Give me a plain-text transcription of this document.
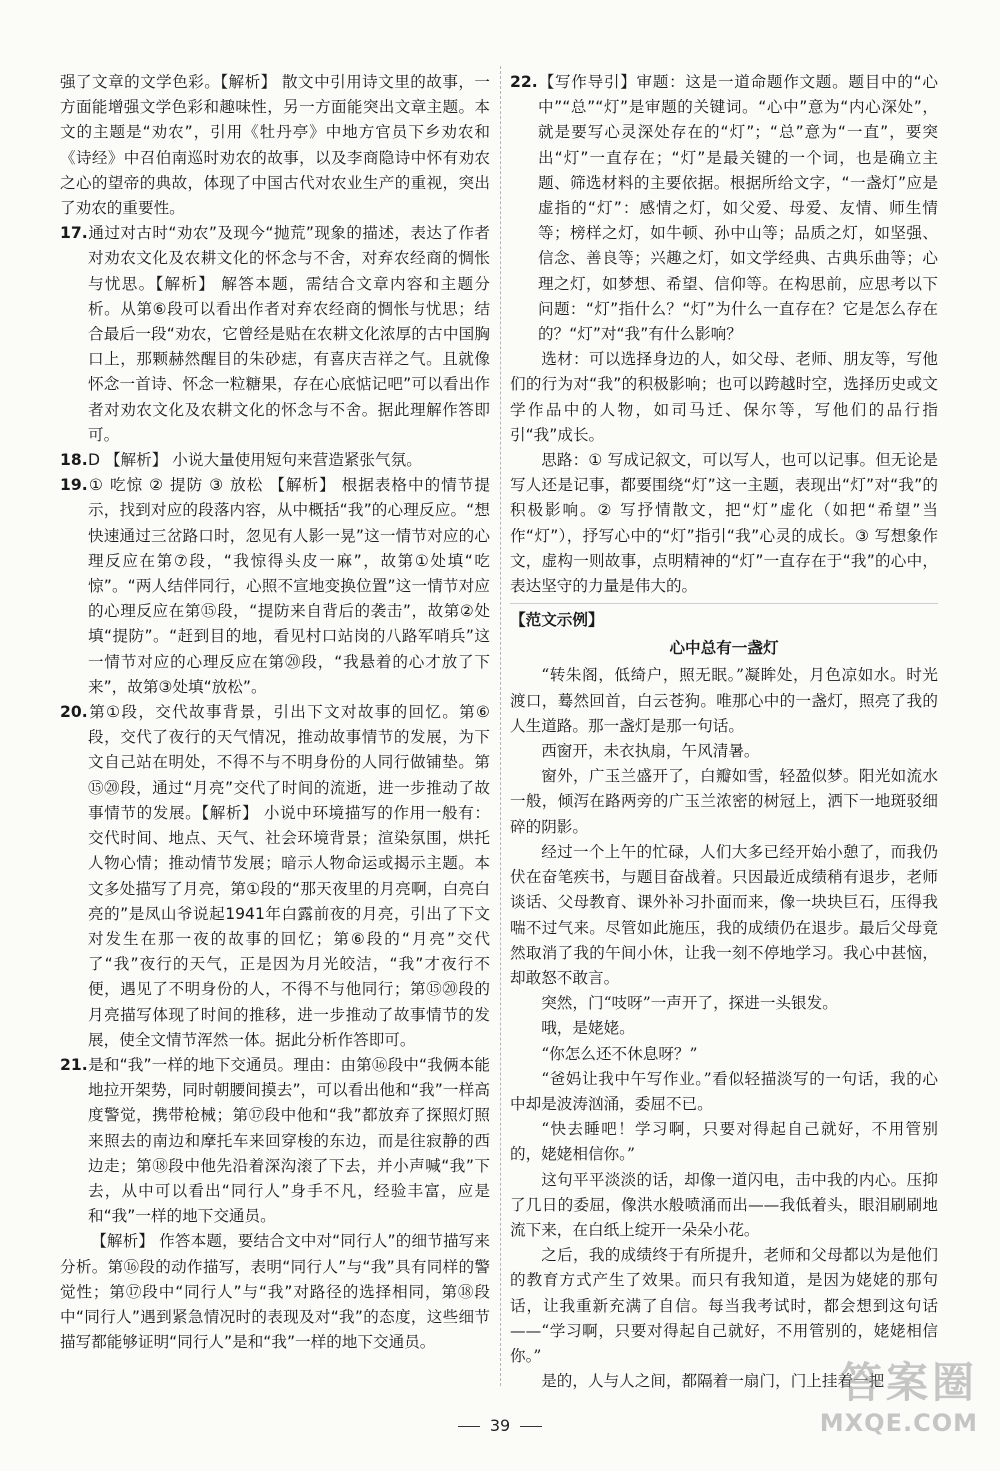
强了文章的文学色彩。【解析】 散文中引用诗文里的故事，一方面能增强文学色彩和趣味性，另一方面能突出文章主题。本文的主题是“劝农”，引用《牡丹亭》中地方官员下乡劝农和《诗经》中召伯南巡时劝农的故事，以及李商隐诗中怀有劝农之心的望帝的典故，体现了中国古代对农业生产的重视，突出了劝农的重要性。

17.通过对古时“劝农”及现今“抛荒”现象的描述，表达了作者对劝农文化及农耕文化的怀念与不舍，对弃农经商的惆怅与忧思。【解析】 解答本题，需结合文章内容和主题分析。从第⑥段可以看出作者对弃农经商的惆怅与忧思；结合最后一段“劝农，它曾经是贴在农耕文化浓厚的古中国胸口上，那颗赫然醒目的朱砂痣，有喜庆吉祥之气。且就像怀念一首诗、怀念一粒糖果，存在心底惦记吧”可以看出作者对劝农文化及农耕文化的怀念与不舍。据此理解作答即可。

18.D 【解析】 小说大量使用短句来营造紧张气氛。

19.① 吃惊 ② 提防 ③ 放松 【解析】 根据表格中的情节提示，找到对应的段落内容，从中概括“我”的心理反应。“想快速通过三岔路口时，忽见有人影一晃”这一情节对应的心理反应在第⑦段，“我惊得头皮一麻”，故第①处填“吃惊”。“两人结伴同行，心照不宣地变换位置”这一情节对应的心理反应在第⑮段，“提防来自背后的袭击”，故第②处填“提防”。“赶到目的地，看见村口站岗的八路军哨兵”这一情节对应的心理反应在第⑳段，“我悬着的心才放了下来”，故第③处填“放松”。

20.第①段，交代故事背景，引出下文对故事的回忆。第⑥段，交代了夜行的天气情况，推动故事情节的发展，为下文自己站在明处，不得不与不明身份的人同行做铺垫。第⑮⑳段，通过“月亮”交代了时间的流逝，进一步推动了故事情节的发展。【解析】 小说中环境描写的作用一般有：交代时间、地点、天气、社会环境背景；渲染氛围，烘托人物心情；推动情节发展；暗示人物命运或揭示主题。本文多处描写了月亮，第①段的“那天夜里的月亮啊，白亮白亮的”是凤山爷说起1941年白露前夜的月亮，引出了下文对发生在那一夜的故事的回忆；第⑥段的“月亮”交代了“我”夜行的天气，正是因为月光皎洁，“我”才夜行不便，遇见了不明身份的人，不得不与他同行；第⑮⑳段的月亮描写体现了时间的推移，进一步推动了故事情节的发展，使全文情节浑然一体。据此分析作答即可。

21.是和“我”一样的地下交通员。理由：由第⑯段中“我俩本能地拉开架势，同时朝腰间摸去”，可以看出他和“我”一样高度警觉，携带枪械；第⑰段中他和“我”都放弃了探照灯照来照去的南边和摩托车来回穿梭的东边，而是往寂静的西边走；第⑱段中他先沿着深沟滚了下去，并小声喊“我”下去，从中可以看出“同行人”身手不凡，经验丰富，应是和“我”一样的地下交通员。

【解析】 作答本题，要结合文中对“同行人”的细节描写来分析。第⑯段的动作描写，表明“同行人”与“我”具有同样的警觉性；第⑰段中“同行人”与“我”对路径的选择相同，第⑱段中“同行人”遇到紧急情况时的表现及对“我”的态度，这些细节描写都能够证明“同行人”是和“我”一样的地下交通员。

22.【写作导引】审题：这是一道命题作文题。题目中的“心中”“总”“灯”是审题的关键词。“心中”意为“内心深处”，就是要写心灵深处存在的“灯”；“总”意为“一直”，要突出“灯”一直存在；“灯”是最关键的一个词，也是确立主题、筛选材料的主要依据。根据所给文字，“一盏灯”应是虚指的“灯”：感情之灯，如父爱、母爱、友情、师生情等；榜样之灯，如牛顿、孙中山等；品质之灯，如坚强、信念、善良等；兴趣之灯，如文学经典、古典乐曲等；心理之灯，如梦想、希望、信仰等。在构思前，应思考以下问题：“灯”指什么？“灯”为什么一直存在？它是怎么存在的？“灯”对“我”有什么影响？

选材：可以选择身边的人，如父母、老师、朋友等，写他们的行为对“我”的积极影响；也可以跨越时空，选择历史或文学作品中的人物，如司马迁、保尔等，写他们的品行指引“我”成长。

思路：① 写成记叙文，可以写人，也可以记事。但无论是写人还是记事，都要围绕“灯”这一主题，表现出“灯”对“我”的积极影响。② 写抒情散文，把“灯”虚化（如把“希望”当作“灯”），抒写心中的“灯”指引“我”心灵的成长。③ 写想象作文，虚构一则故事，点明精神的“灯”一直存在于“我”的心中，表达坚守的力量是伟大的。

【范文示例】

心中总有一盏灯

“转朱阁，低绮户，照无眠。”凝眸处，月色凉如水。时光渡口，蓦然回首，白云苍狗。唯那心中的一盏灯，照亮了我的人生道路。那一盏灯是那一句话。

西窗开，未衣执扇，午风清暑。

窗外，广玉兰盛开了，白瓣如雪，轻盈似梦。阳光如流水一般，倾泻在路两旁的广玉兰浓密的树冠上，洒下一地斑驳细碎的阴影。

经过一个上午的忙碌，人们大多已经开始小憩了，而我仍伏在奋笔疾书，与题目奋战着。只因最近成绩稍有退步，老师谈话、父母教育、课外补习扑面而来，像一块块巨石，压得我喘不过气来。尽管如此施压，我的成绩仍在退步。最后父母竟然取消了我的午间小休，让我一刻不停地学习。我心中甚恼，却敢怒不敢言。

突然，门“吱呀”一声开了，探进一头银发。

哦，是姥姥。

“你怎么还不休息呀？”

“爸妈让我中午写作业。”看似轻描淡写的一句话，我的心中却是波涛汹涌，委屈不已。

“快去睡吧！学习啊，只要对得起自己就好，不用管别的，姥姥相信你。”

这句平平淡淡的话，却像一道闪电，击中我的内心。压抑了几日的委屈，像洪水般喷涌而出——我低着头，眼泪刷刷地流下来，在白纸上绽开一朵朵小花。

之后，我的成绩终于有所提升，老师和父母都以为是他们的教育方式产生了效果。而只有我知道，是因为姥姥的那句话，让我重新充满了自信。每当我考试时，都会想到这句话——“学习啊，只要对得起自己就好，不用管别的，姥姥相信你。”

是的，人与人之间，都隔着一扇门，门上挂着一把

39
答案圈
MXQE.COM
